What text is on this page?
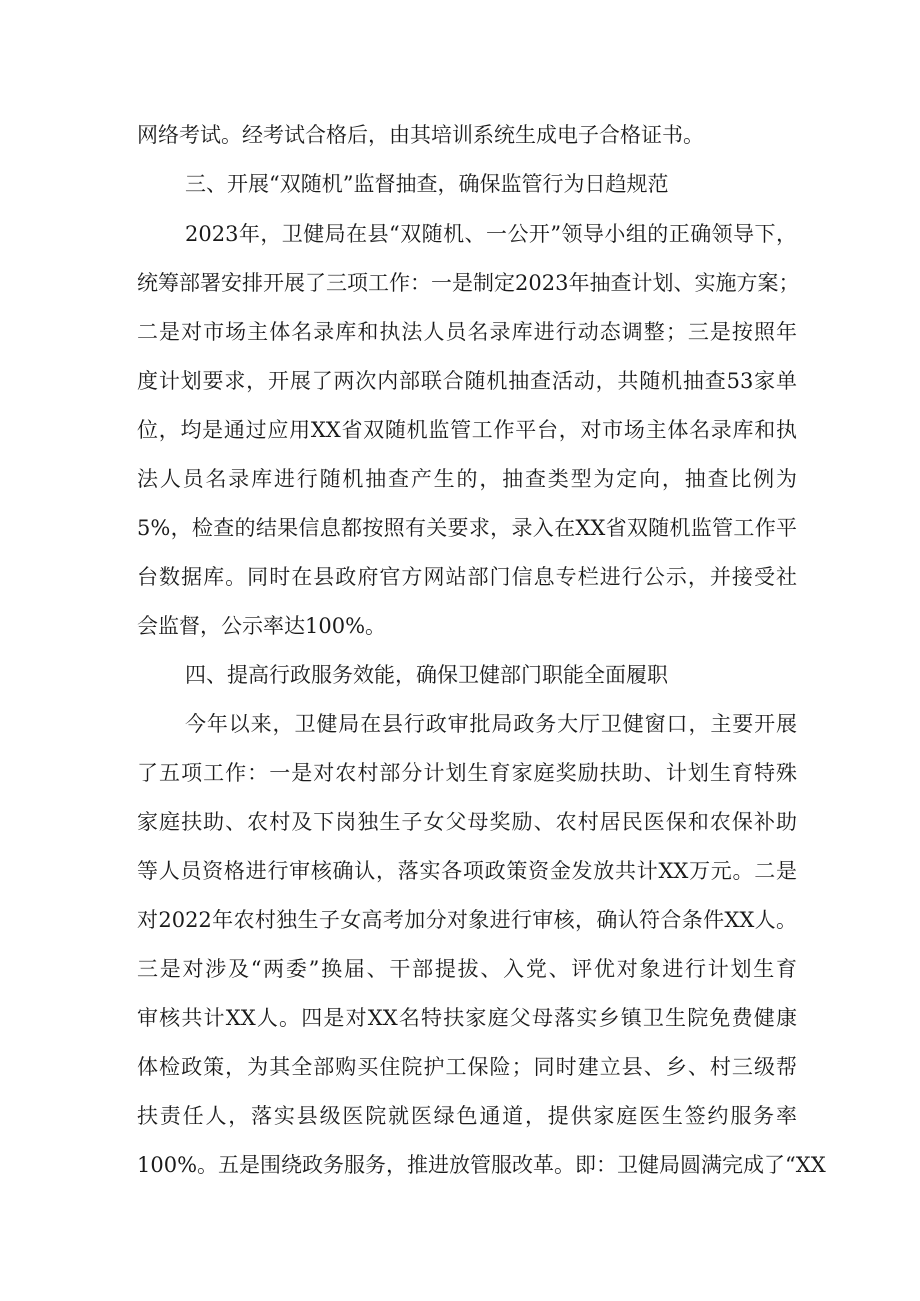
网络考试。经考试合格后，由其培训系统生成电子合格证书。
三、开展“双随机”监督抽查，确保监管行为日趋规范
2023年，卫健局在县“双随机、一公开”领导小组的正确领导下，
统筹部署安排开展了三项工作：一是制定2023年抽查计划、实施方案；
二是对市场主体名录库和执法人员名录库进行动态调整；三是按照年
度计划要求，开展了两次内部联合随机抽查活动，共随机抽查53家单
位，均是通过应用XX省双随机监管工作平台，对市场主体名录库和执
法人员名录库进行随机抽查产生的，抽查类型为定向，抽查比例为
5%，检查的结果信息都按照有关要求，录入在XX省双随机监管工作平
台数据库。同时在县政府官方网站部门信息专栏进行公示，并接受社
会监督，公示率达100%。
四、提高行政服务效能，确保卫健部门职能全面履职
今年以来，卫健局在县行政审批局政务大厅卫健窗口，主要开展
了五项工作：一是对农村部分计划生育家庭奖励扶助、计划生育特殊
家庭扶助、农村及下岗独生子女父母奖励、农村居民医保和农保补助
等人员资格进行审核确认，落实各项政策资金发放共计XX万元。二是
对2022年农村独生子女高考加分对象进行审核，确认符合条件XX人。
三是对涉及“两委”换届、干部提拔、入党、评优对象进行计划生育
审核共计XX人。四是对XX名特扶家庭父母落实乡镇卫生院免费健康
体检政策，为其全部购买住院护工保险；同时建立县、乡、村三级帮
扶责任人，落实县级医院就医绿色通道，提供家庭医生签约服务率
100%。五是围绕政务服务，推进放管服改革。即：卫健局圆满完成了“XX
